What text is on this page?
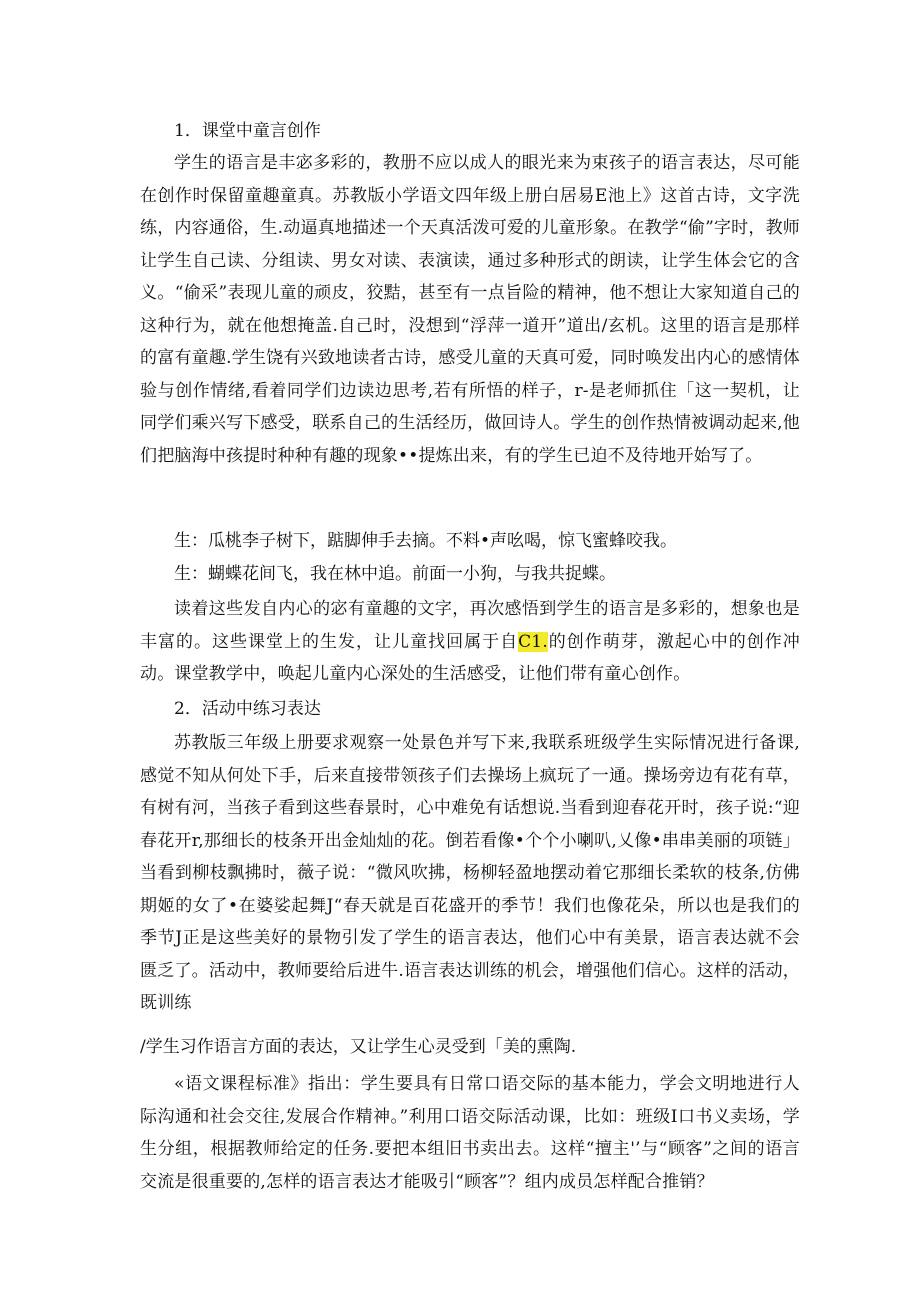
1．课堂中童言创作
学生的语言是丰宓多彩的，教册不应以成人的眼光来为束孩子的语言表达，尽可能在创作时保留童趣童真。苏教版小学语文四年级上册白居易E池上》这首古诗，文字洗练，内容通俗，生.动逼真地描述一个天真活泼可爱的儿童形象。在教学“偷”字时，教师让学生自己读、分组读、男女对读、表演读，通过多种形式的朗读，让学生体会它的含义。“偷采”表现儿童的顽皮，狡黠，甚至有一点旨险的精神，他不想让大家知道自己的这种行为，就在他想掩盖.自己时，没想到“浮萍一道开”道出/玄机。这里的语言是那样的富有童趣.学生饶有兴致地读者古诗，感受儿童的天真可爱，同时唤发出内心的感情体验与创作情绪,看着同学们边读边思考,若有所悟的样子，r-是老师抓住「这一契机，让同学们乘兴写下感受，联系自己的生活经历，做回诗人。学生的创作热情被调动起来,他们把脑海中孩提时种种有趣的现象••提炼出来，有的学生已迫不及待地开始写了。
生：瓜桃李子树下，踮脚伸手去摘。不料•声吆喝，惊飞蜜蜂咬我。
生：蝴蝶花间飞，我在林中追。前面一小狗，与我共捉蝶。
读着这些发自内心的宓有童趣的文字，再次感悟到学生的语言是多彩的，想象也是丰富的。这些课堂上的生发，让儿童找回属于自C1.的创作萌芽，激起心中的创作冲动。课堂教学中，唤起儿童内心深处的生活感受，让他们带有童心创作。
2．活动中练习表达
苏教版三年级上册要求观察一处景色并写下来,我联系班级学生实际情况进行备课,感觉不知从何处下手，后来直接带领孩子们去操场上疯玩了一通。操场旁边有花有草，有树有河，当孩子看到这些春景时，心中难免有话想说.当看到迎春花开时，孩子说:“迎春花开r,那细长的枝条开出金灿灿的花。倒若看像•个个小喇叭,乂像•串串美丽的项链」当看到柳枝飘拂时，薇子说：“微风吹拂，杨柳轻盈地摆动着它那细长柔软的枝条,仿佛期姬的女了•在婆娑起舞J“春天就是百花盛开的季节！我们也像花朵，所以也是我们的季节J正是这些美好的景物引发了学生的语言表达，他们心中有美景，语言表达就不会匮乏了。活动中，教师要给后进牛.语言表达训练的机会，增强他们信心。这样的活动，既训练
/学生习作语言方面的表达，又让学生心灵受到「美的熏陶.
«语文课程标准》指出：学生要具有日常口语交际的基本能力，学会文明地进行人际沟通和社会交往,发展合作精神。”利用口语交际活动课，比如：班级I口书义卖场，学生分组，根据教师给定的任务.要把本组旧书卖出去。这样“擅主'’与“顾客”之间的语言交流是很重要的,怎样的语言表达才能吸引“顾客”？组内成员怎样配合推销？
